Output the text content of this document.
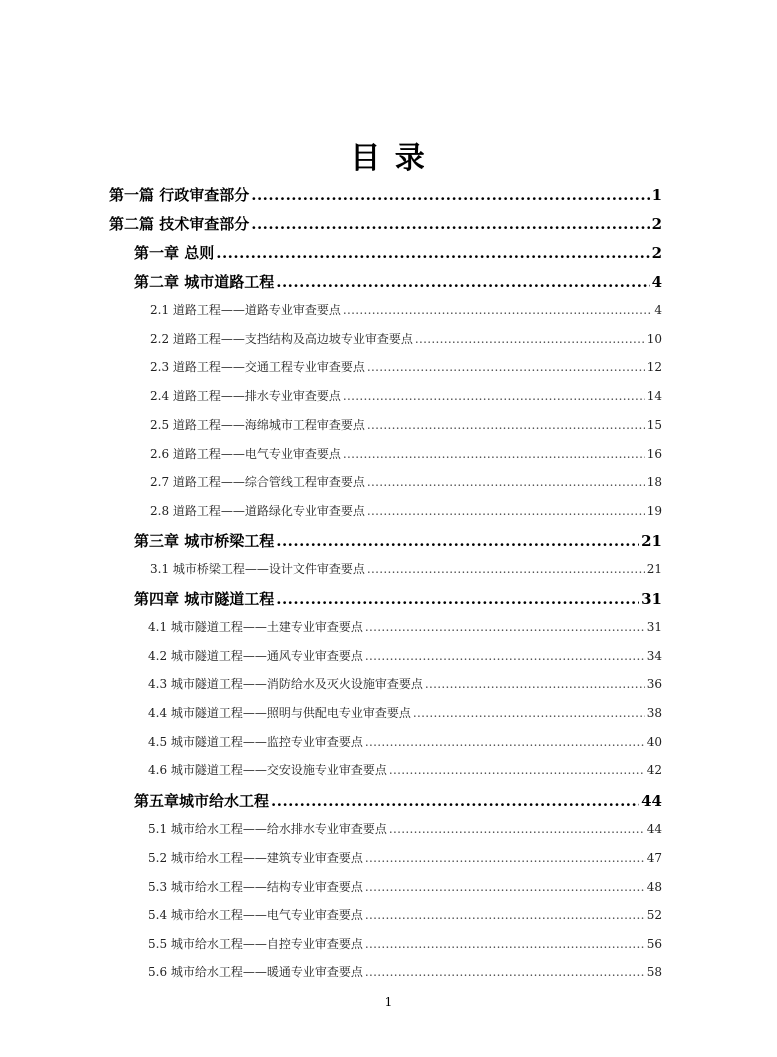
目 录
第一篇 行政审查部分 .....	1
第二篇 技术审查部分 .....	2
第一章 总则 .....	2
第二章 城市道路工程 .....	4
2.1 道路工程——道路专业审查要点 .....	4
2.2 道路工程——支挡结构及高边坡专业审查要点 .....	10
2.3 道路工程——交通工程专业审查要点 .....	12
2.4 道路工程——排水专业审查要点 .....	14
2.5 道路工程——海绵城市工程审查要点 .....	15
2.6 道路工程——电气专业审查要点 .....	16
2.7 道路工程——综合管线工程审查要点 .....	18
2.8 道路工程——道路绿化专业审查要点 .....	19
第三章 城市桥梁工程 .....	21
3.1 城市桥梁工程——设计文件审查要点 .....	21
第四章 城市隧道工程 .....	31
4.1 城市隧道工程——土建专业审查要点 .....	31
4.2 城市隧道工程——通风专业审查要点 .....	34
4.3 城市隧道工程——消防给水及灭火设施审查要点 .....	36
4.4 城市隧道工程——照明与供配电专业审查要点 .....	38
4.5 城市隧道工程——监控专业审查要点 .....	40
4.6 城市隧道工程——交安设施专业审查要点 .....	42
第五章城市给水工程 .....	44
5.1 城市给水工程——给水排水专业审查要点 .....	44
5.2 城市给水工程——建筑专业审查要点 .....	47
5.3 城市给水工程——结构专业审查要点 .....	48
5.4 城市给水工程——电气专业审查要点 .....	52
5.5 城市给水工程——自控专业审查要点 .....	56
5.6 城市给水工程——暖通专业审查要点 .....	58
1
